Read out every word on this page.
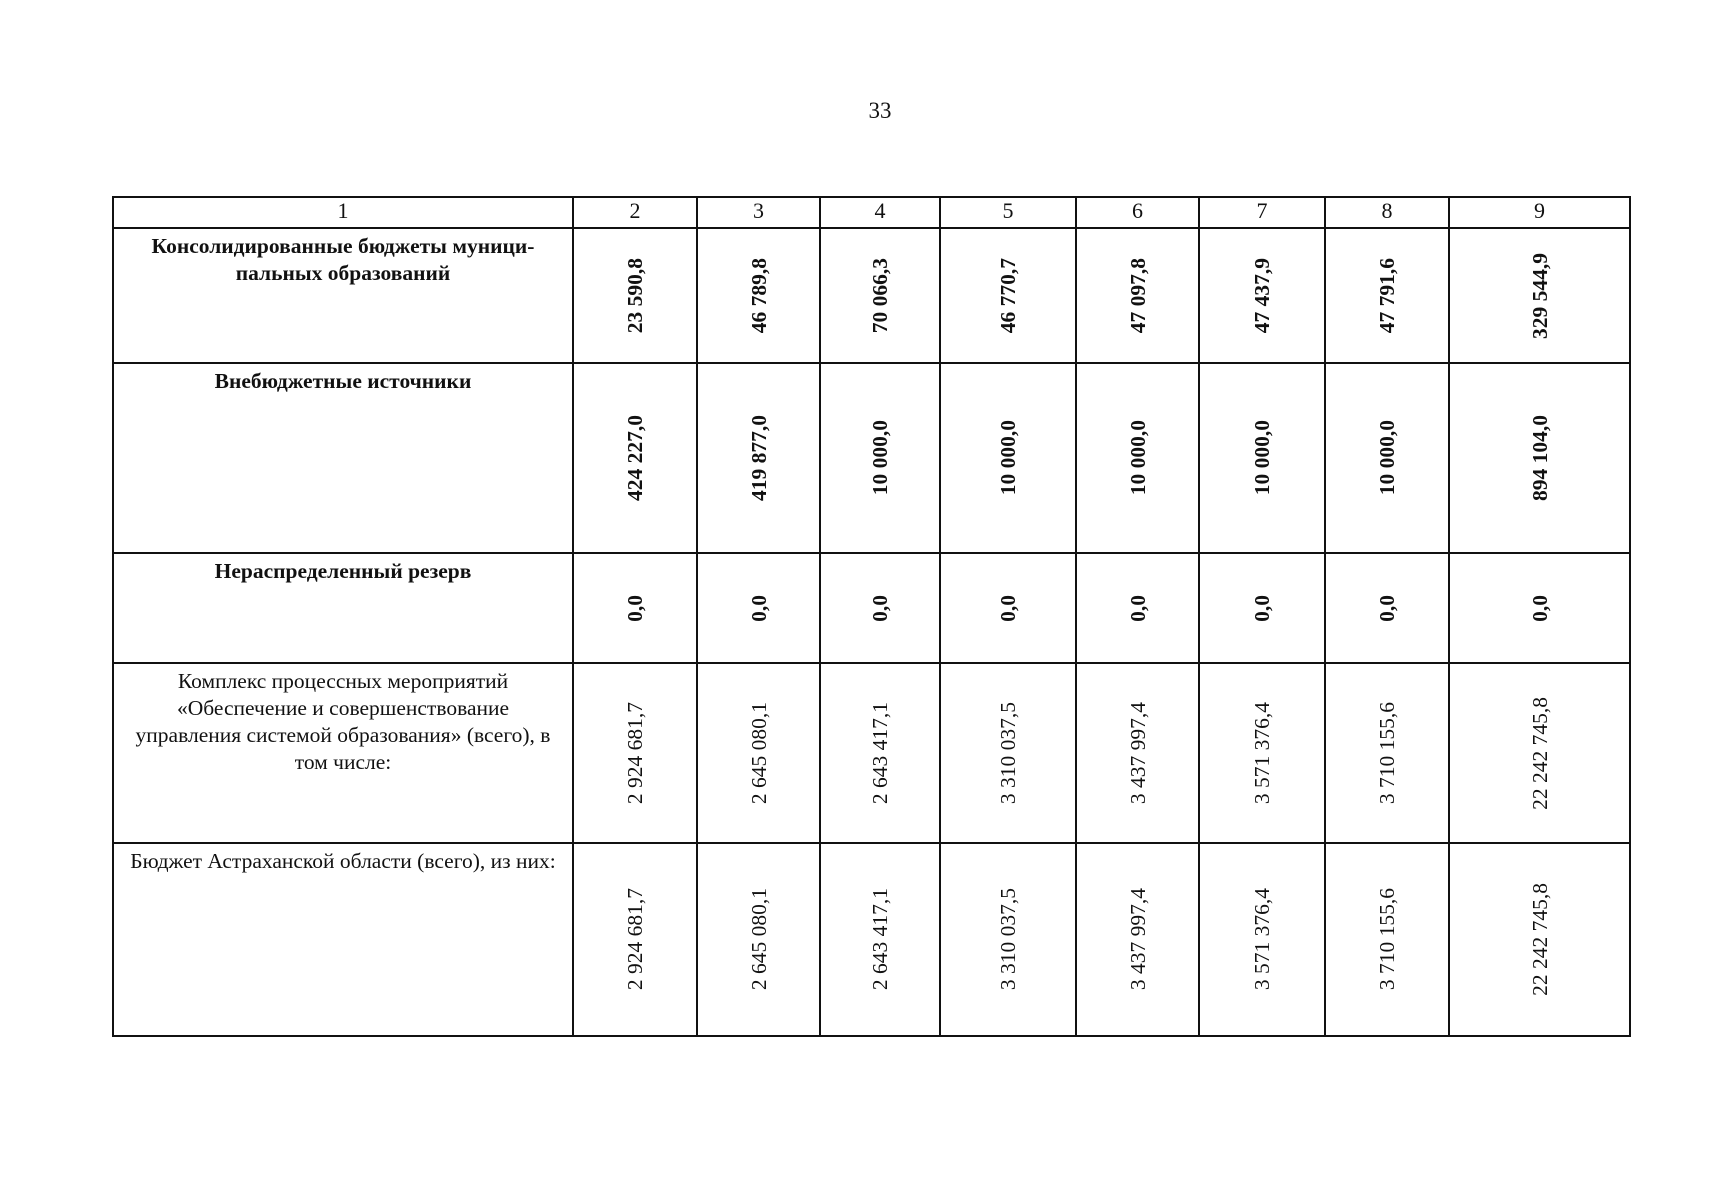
33
1	2	3	4	5	6	7	8	9
Консолидированные бюджеты муници-пальных образований	23 590,8	46 789,8	70 066,3	46 770,7	47 097,8	47 437,9	47 791,6	329 544,9

Внебюджетные источники	424 227,0	419 877,0	10 000,0	10 000,0	10 000,0	10 000,0	10 000,0	894 104,0

Нераспределенный резерв	0,0	0,0	0,0	0,0	0,0	0,0	0,0	0,0

Комплекс процессных мероприятий «Обеспечение и совершенствование управления системой образования» (всего), в том числе:	2 924 681,7	2 645 080,1	2 643 417,1	3 310 037,5	3 437 997,4	3 571 376,4	3 710 155,6	22 242 745,8

Бюджет Астраханской области (всего), из них:	2 924 681,7	2 645 080,1	2 643 417,1	3 310 037,5	3 437 997,4	3 571 376,4	3 710 155,6	22 242 745,8
